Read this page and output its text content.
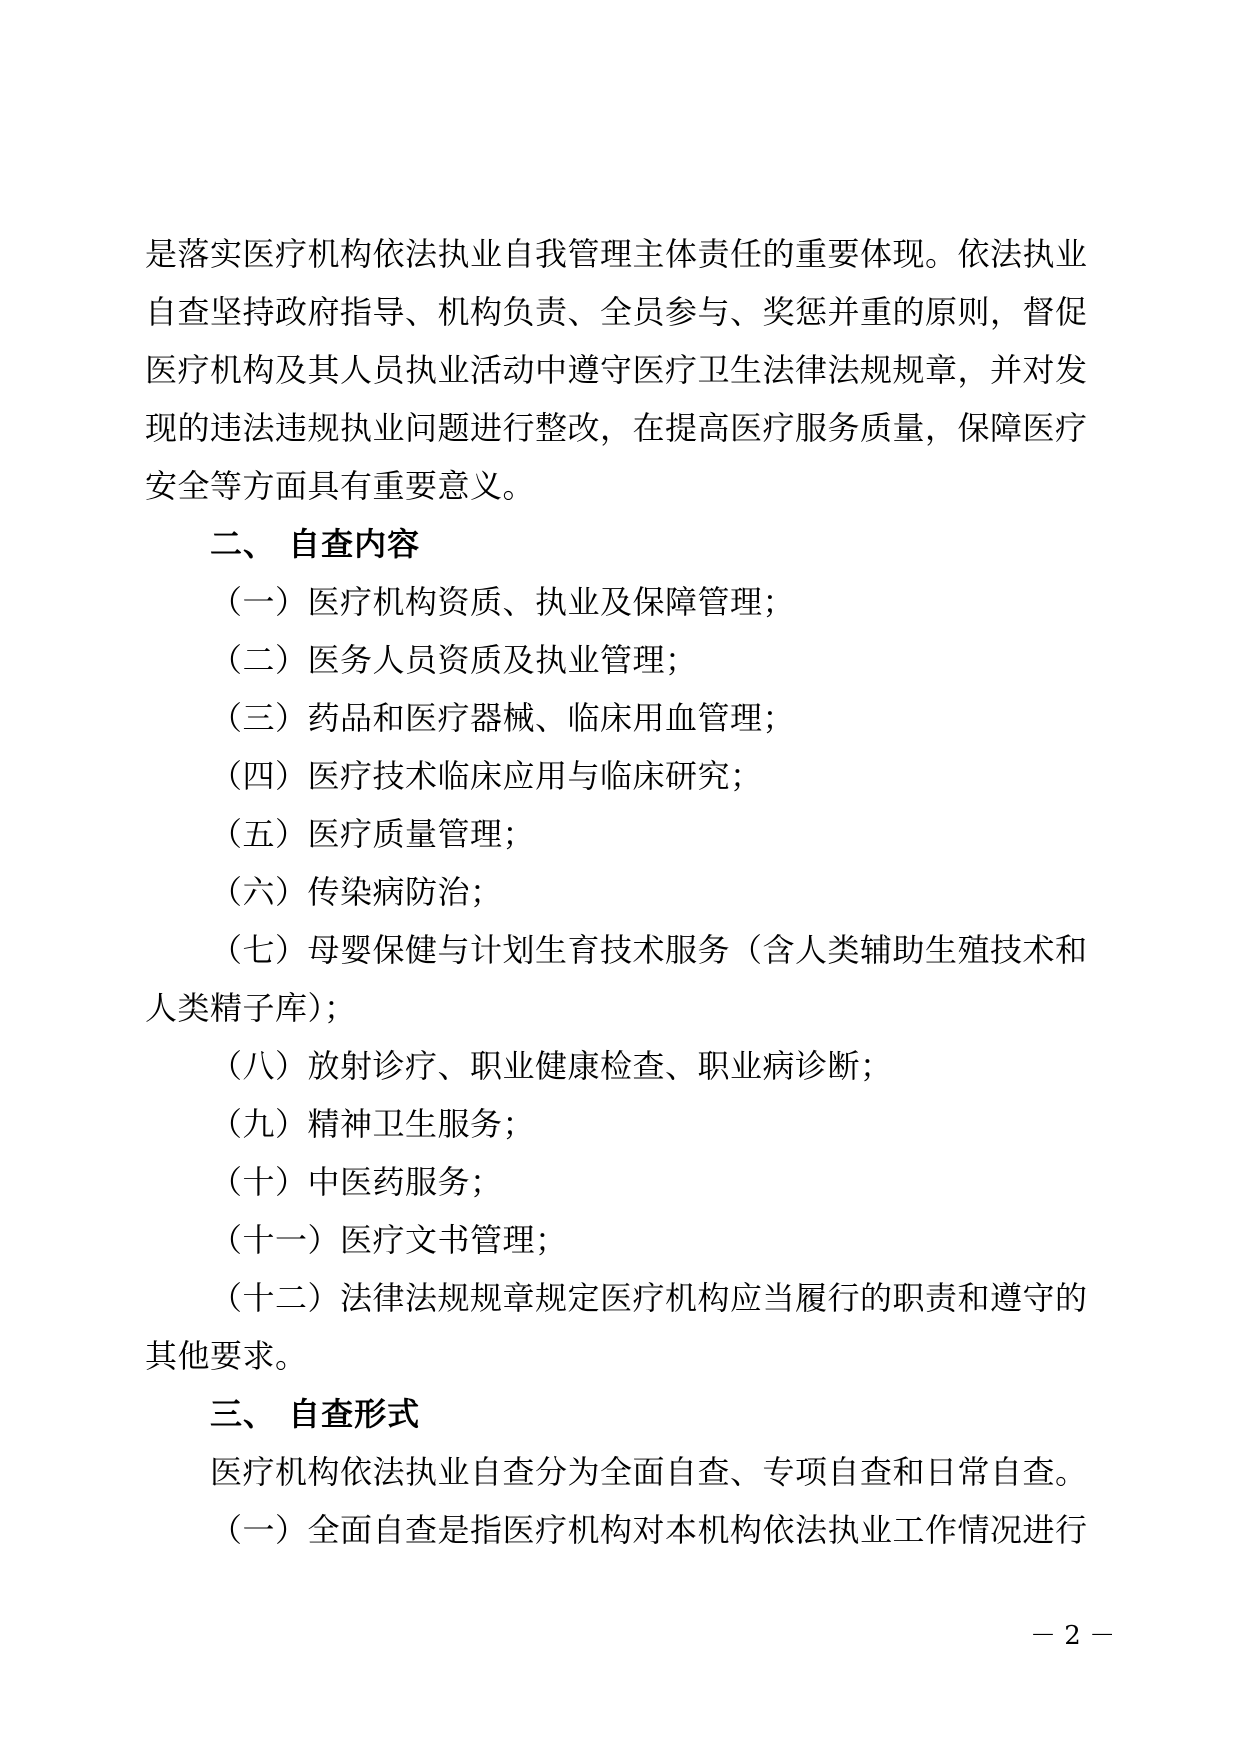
是落实医疗机构依法执业自我管理主体责任的重要体现。依法执业
自查坚持政府指导、机构负责、全员参与、奖惩并重的原则，督促
医疗机构及其人员执业活动中遵守医疗卫生法律法规规章，并对发
现的违法违规执业问题进行整改，在提高医疗服务质量，保障医疗
安全等方面具有重要意义。
二、 自查内容
（一）医疗机构资质、执业及保障管理；
（二）医务人员资质及执业管理；
（三）药品和医疗器械、临床用血管理；
（四）医疗技术临床应用与临床研究；
（五）医疗质量管理；
（六）传染病防治；
（七）母婴保健与计划生育技术服务（含人类辅助生殖技术和
人类精子库）；
（八）放射诊疗、职业健康检查、职业病诊断；
（九）精神卫生服务；
（十）中医药服务；
（十一）医疗文书管理；
（十二）法律法规规章规定医疗机构应当履行的职责和遵守的
其他要求。
三、 自查形式
医疗机构依法执业自查分为全面自查、专项自查和日常自查。
（一）全面自查是指医疗机构对本机构依法执业工作情况进行
－ 2 －
